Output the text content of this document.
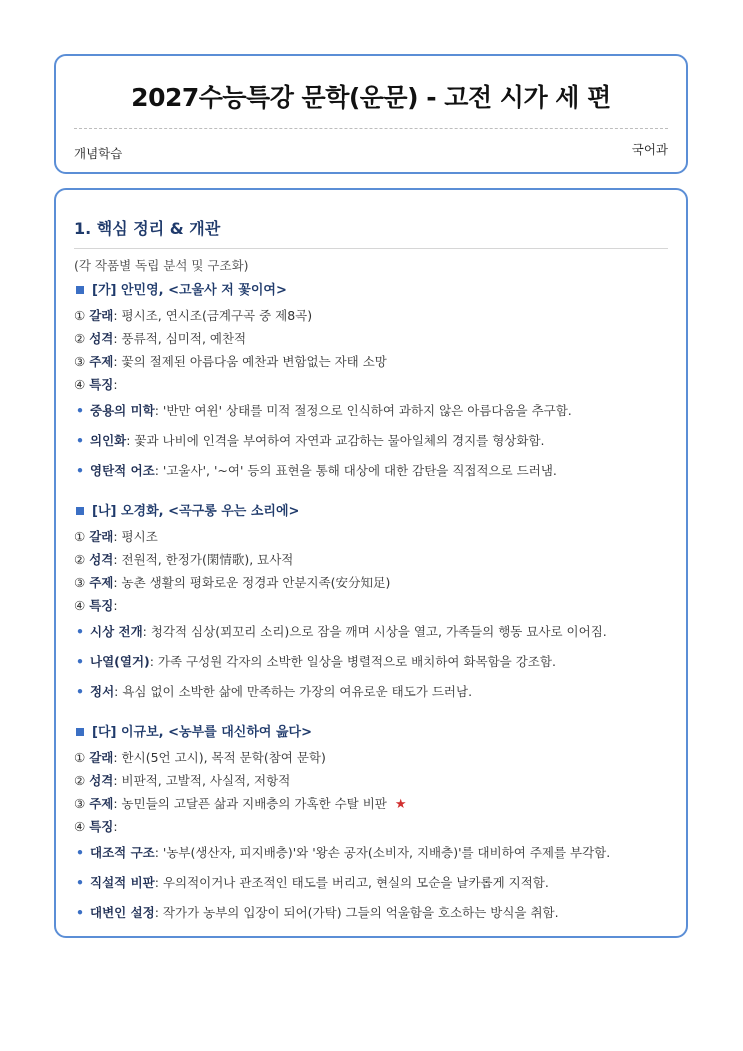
2027수능특강 문학(운문) - 고전 시가 세 편
개념학습	국어과
1. 핵심 정리 & 개관
(각 작품별 독립 분석 및 구조화)
[가] 안민영, <고울사 저 꽃이여>
① 갈래: 평시조, 연시조(금계구곡 중 제8곡)
② 성격: 풍류적, 심미적, 예찬적
③ 주제: 꽃의 절제된 아름다움 예찬과 변함없는 자태 소망
④ 특징:
• 중용의 미학: '반만 여윈' 상태를 미적 절정으로 인식하여 과하지 않은 아름다움을 추구함.
• 의인화: 꽃과 나비에 인격을 부여하여 자연과 교감하는 물아일체의 경지를 형상화함.
• 영탄적 어조: '고울사', '~여' 등의 표현을 통해 대상에 대한 감탄을 직접적으로 드러냄.
[나] 오경화, <곡구롱 우는 소리에>
① 갈래: 평시조
② 성격: 전원적, 한정가(閑情歌), 묘사적
③ 주제: 농촌 생활의 평화로운 정경과 안분지족(安分知足)
④ 특징:
• 시상 전개: 청각적 심상(꾀꼬리 소리)으로 잠을 깨며 시상을 열고, 가족들의 행동 묘사로 이어짐.
• 나열(열거): 가족 구성원 각자의 소박한 일상을 병렬적으로 배치하여 화목함을 강조함.
• 정서: 욕심 없이 소박한 삶에 만족하는 가장의 여유로운 태도가 드러남.
[다] 이규보, <농부를 대신하여 읊다>
① 갈래: 한시(5언 고시), 목적 문학(참여 문학)
② 성격: 비판적, 고발적, 사실적, 저항적
③ 주제: 농민들의 고달픈 삶과 지배층의 가혹한 수탈 비판 ★
④ 특징:
• 대조적 구조: '농부(생산자, 피지배층)'와 '왕손 공자(소비자, 지배층)'를 대비하여 주제를 부각함.
• 직설적 비판: 우의적이거나 관조적인 태도를 버리고, 현실의 모순을 날카롭게 지적함.
• 대변인 설정: 작가가 농부의 입장이 되어(가탁) 그들의 억울함을 호소하는 방식을 취함.
